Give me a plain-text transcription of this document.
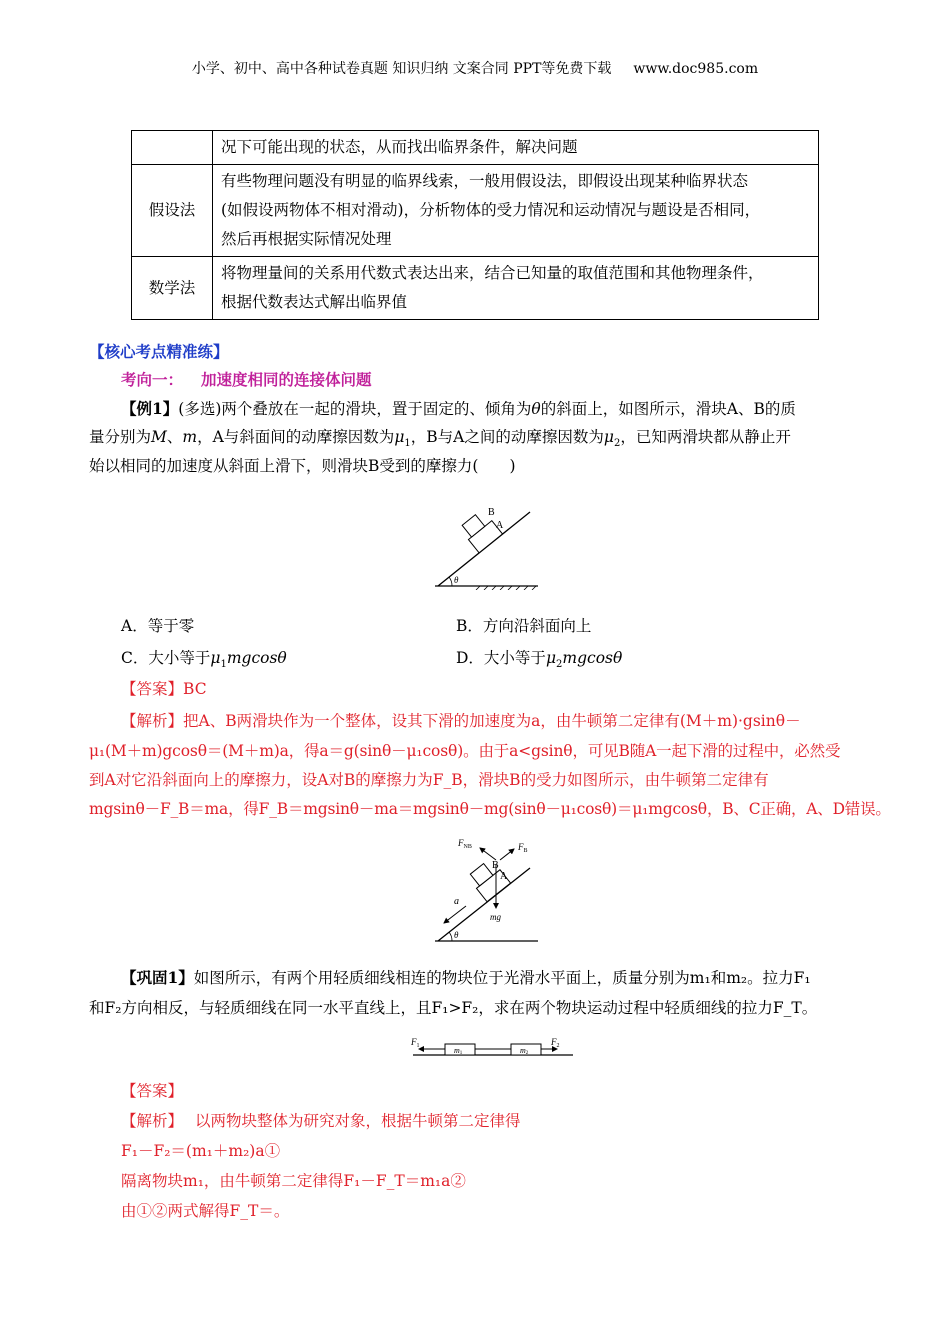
小学、初中、高中各种试卷真题 知识归纳 文案合同 PPT等免费下载 www.doc985.com
	况下可能出现的状态，从而找出临界条件，解决问题
假设法	有些物理问题没有明显的临界线索，一般用假设法，即假设出现某种临界状态
(如假设两物体不相对滑动)，分析物体的受力情况和运动情况与题设是否相同，
然后再根据实际情况处理

数学法	将物理量间的关系用代数式表达出来，结合已知量的取值范围和其他物理条件，
根据代数表达式解出临界值
【核心考点精准练】
考向一： 加速度相同的连接体问题
【例1】(多选)两个叠放在一起的滑块，置于固定的、倾角为θ的斜面上，如图所示，滑块A、B的质
量分别为M、m，A与斜面间的动摩擦因数为$\mu_1$，B与A之间的动摩擦因数为$\mu_2$，已知两滑块都从静止开
始以相同的加速度从斜面上滑下，则滑块B受到的摩擦力(　　)
A
B
θ
A．等于零	B．方向沿斜面向上
C．大小等于$\mu_1mgcos\theta$	D．大小等于$\mu_2mgcos\theta$
【答案】BC
【解析】把A、B两滑块作为一个整体，设其下滑的加速度为a，由牛顿第二定律有(M＋m)·gsinθ－
μ₁(M＋m)gcosθ＝(M＋m)a，得a＝g(sinθ－μ₁cosθ)。由于a<gsinθ，可见B随A一起下滑的过程中，必然受
到A对它沿斜面向上的摩擦力，设A对B的摩擦力为F_B，滑块B的受力如图所示，由牛顿第二定律有
mgsinθ－F_B＝ma，得F_B＝mgsinθ－ma＝mgsinθ－mg(sinθ－μ₁cosθ)＝μ₁mgcosθ，B、C正确，A、D错误。
A
B
$F_{NB}$	$F_B$
mg
a
θ
【巩固1】如图所示，有两个用轻质细线相连的物块位于光滑水平面上，质量分别为m₁和m₂。拉力F₁
和F₂方向相反，与轻质细线在同一水平直线上，且F₁>F₂，求在两个物块运动过程中轻质细线的拉力F_T。
$F_1$	m1	m2
$F_2$
【答案】
【解析】 以两物块整体为研究对象，根据牛顿第二定律得
F₁－F₂＝(m₁＋m₂)a①
隔离物块m₁，由牛顿第二定律得F₁－F_T＝m₁a②
由①②两式解得F_T＝。
